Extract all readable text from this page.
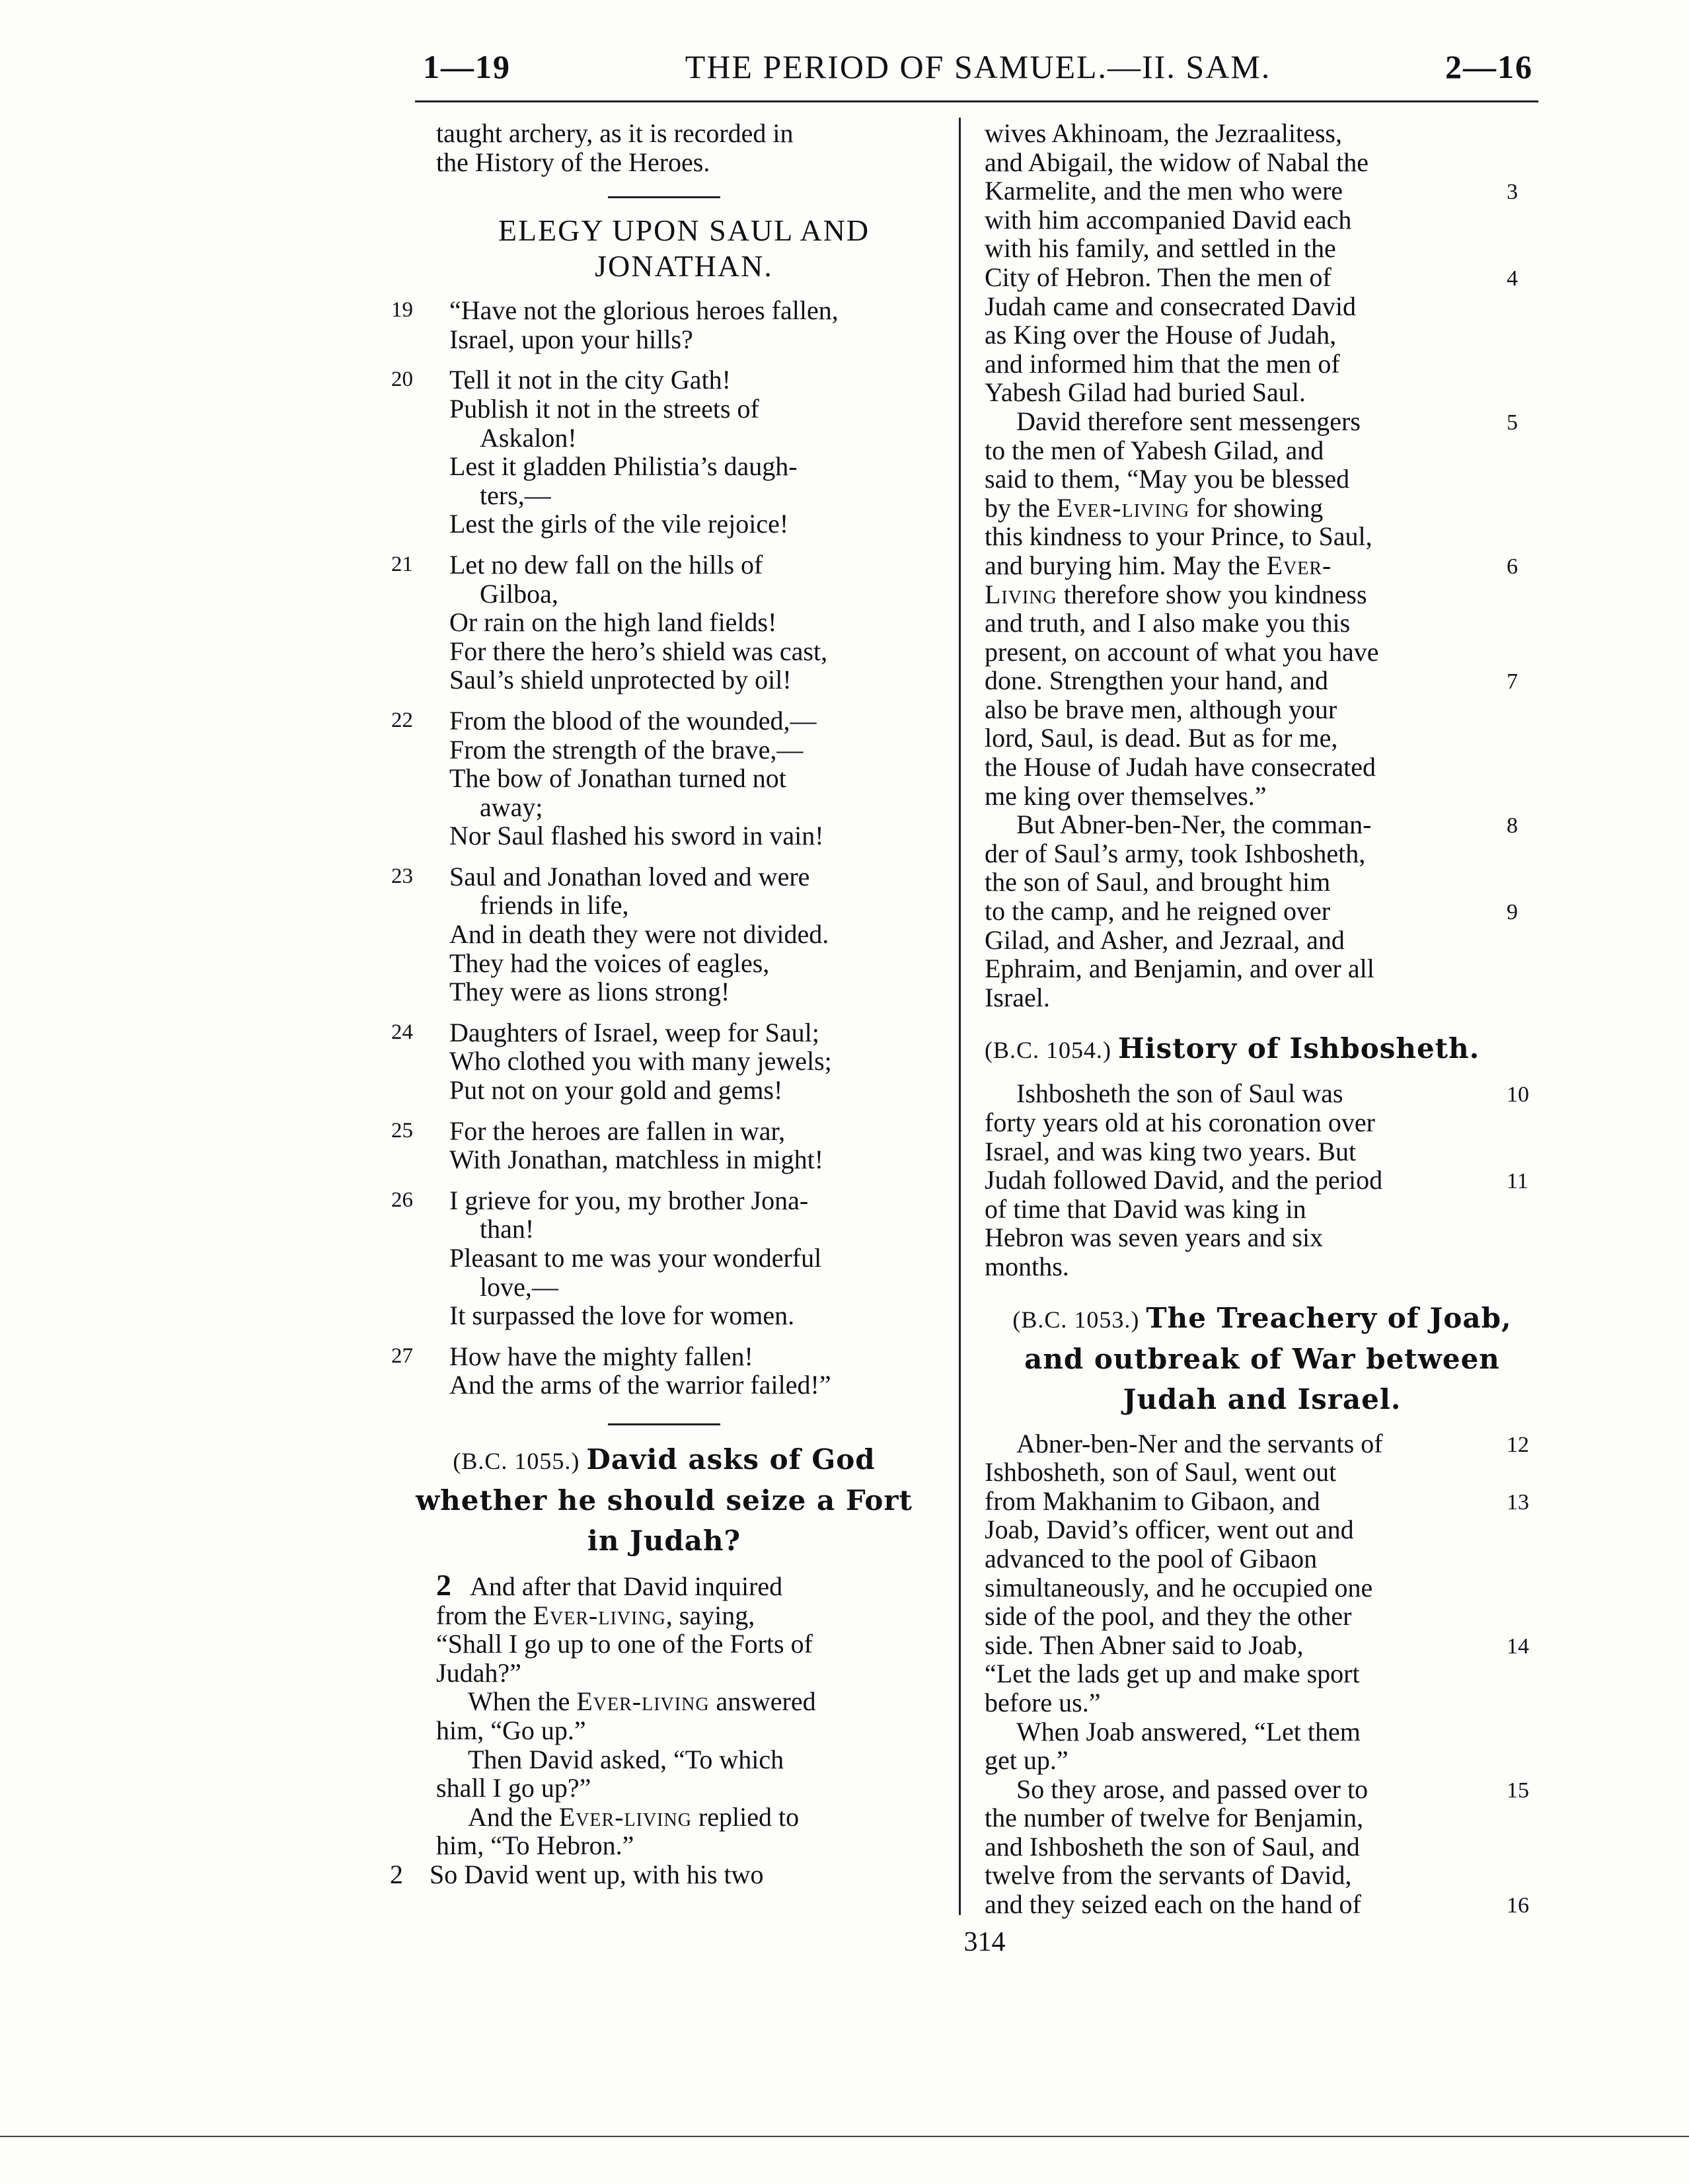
1—19	THE PERIOD OF SAMUEL.—II. SAM.	2—16

taught archery, as it is recorded in

the History of the Heroes.

ELEGY UPON SAUL AND
JONATHAN.
19 “Have not the glorious heroes fallen,

Israel, upon your hills?

20 Tell it not in the city Gath!

Publish it not in the streets of

Askalon!

Lest it gladden Philistia’s daugh-

ters,—

Lest the girls of the vile rejoice!

21 Let no dew fall on the hills of

Gilboa,

Or rain on the high land fields!

For there the hero’s shield was cast,

Saul’s shield unprotected by oil!

22 From the blood of the wounded,—

From the strength of the brave,—

The bow of Jonathan turned not

away;

Nor Saul flashed his sword in vain!

23 Saul and Jonathan loved and were

friends in life,

And in death they were not divided.

They had the voices of eagles,

They were as lions strong!

24 Daughters of Israel, weep for Saul;

Who clothed you with many jewels;

Put not on your gold and gems!

25 For the heroes are fallen in war,

With Jonathan, matchless in might!

26 I grieve for you, my brother Jona-

than!

Pleasant to me was your wonderful

love,—

It surpassed the love for women.

27 How have the mighty fallen!

And the arms of the warrior failed!”

(B.C. 1055.) David asks of God
whether he should seize a Fort
in Judah?
2 And after that David inquired
from the Ever-living, saying,
“Shall I go up to one of the Forts of
Judah?”
When the Ever-living answered
him, “Go up.”
Then David asked, “To which
shall I go up?”
And the Ever-living replied to
him, “To Hebron.”
2 So David went up, with his two
wives Akhinoam, the Jezraalitess,
and Abigail, the widow of Nabal the
Karmelite, and the men who were	3
with him accompanied David each
with his family, and settled in the
City of Hebron. Then the men of	4
Judah came and consecrated David
as King over the House of Judah,
and informed him that the men of
Yabesh Gilad had buried Saul.
David therefore sent messengers	5
to the men of Yabesh Gilad, and
said to them, “May you be blessed
by the Ever-living for showing
this kindness to your Prince, to Saul,
and burying him. May the Ever-	6
Living therefore show you kindness
and truth, and I also make you this
present, on account of what you have
done. Strengthen your hand, and	7
also be brave men, although your
lord, Saul, is dead. But as for me,
the House of Judah have consecrated
me king over themselves.”
But Abner-ben-Ner, the comman-	8
der of Saul’s army, took Ishbosheth,
the son of Saul, and brought him
to the camp, and he reigned over	9
Gilad, and Asher, and Jezraal, and
Ephraim, and Benjamin, and over all
Israel.
(B.C. 1054.) History of Ishbosheth.
Ishbosheth the son of Saul was	10
forty years old at his coronation over
Israel, and was king two years. But
Judah followed David, and the period	11
of time that David was king in
Hebron was seven years and six
months.
(B.C. 1053.) The Treachery of Joab,
and outbreak of War between
Judah and Israel.
Abner-ben-Ner and the servants of	12
Ishbosheth, son of Saul, went out
from Makhanim to Gibaon, and	13
Joab, David’s officer, went out and
advanced to the pool of Gibaon
simultaneously, and he occupied one
side of the pool, and they the other
side. Then Abner said to Joab,	14
“Let the lads get up and make sport
before us.”
When Joab answered, “Let them
get up.”
So they arose, and passed over to	15
the number of twelve for Benjamin,
and Ishbosheth the son of Saul, and
twelve from the servants of David,
and they seized each on the hand of	16
314
